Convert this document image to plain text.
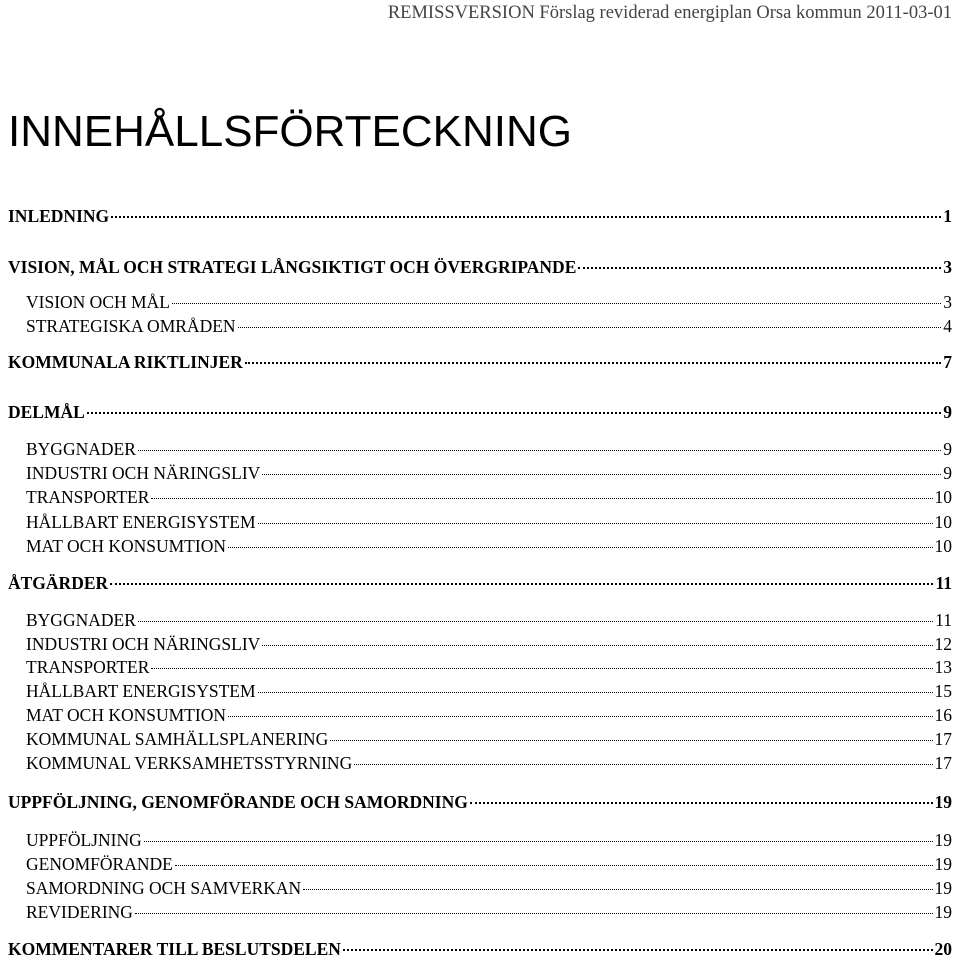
REMISSVERSION Förslag reviderad energiplan Orsa kommun 2011-03-01
INNEHÅLLSFÖRTECKNING
INLEDNING	1
VISION, MÅL OCH STRATEGI LÅNGSIKTIGT OCH ÖVERGRIPANDE	3
VISION OCH MÅL	3
STRATEGISKA OMRÅDEN	4
KOMMUNALA RIKTLINJER	7
DELMÅL	9
BYGGNADER	9
INDUSTRI OCH NÄRINGSLIV	9
TRANSPORTER	10
HÅLLBART ENERGISYSTEM	10
MAT OCH KONSUMTION	10
ÅTGÄRDER	11
BYGGNADER	11
INDUSTRI OCH NÄRINGSLIV	12
TRANSPORTER	13
HÅLLBART ENERGISYSTEM	15
MAT OCH KONSUMTION	16
KOMMUNAL SAMHÄLLSPLANERING	17
KOMMUNAL VERKSAMHETSSTYRNING	17
UPPFÖLJNING, GENOMFÖRANDE OCH SAMORDNING	19
UPPFÖLJNING	19
GENOMFÖRANDE	19
SAMORDNING OCH SAMVERKAN	19
REVIDERING	19
KOMMENTARER TILL BESLUTSDELEN	20
